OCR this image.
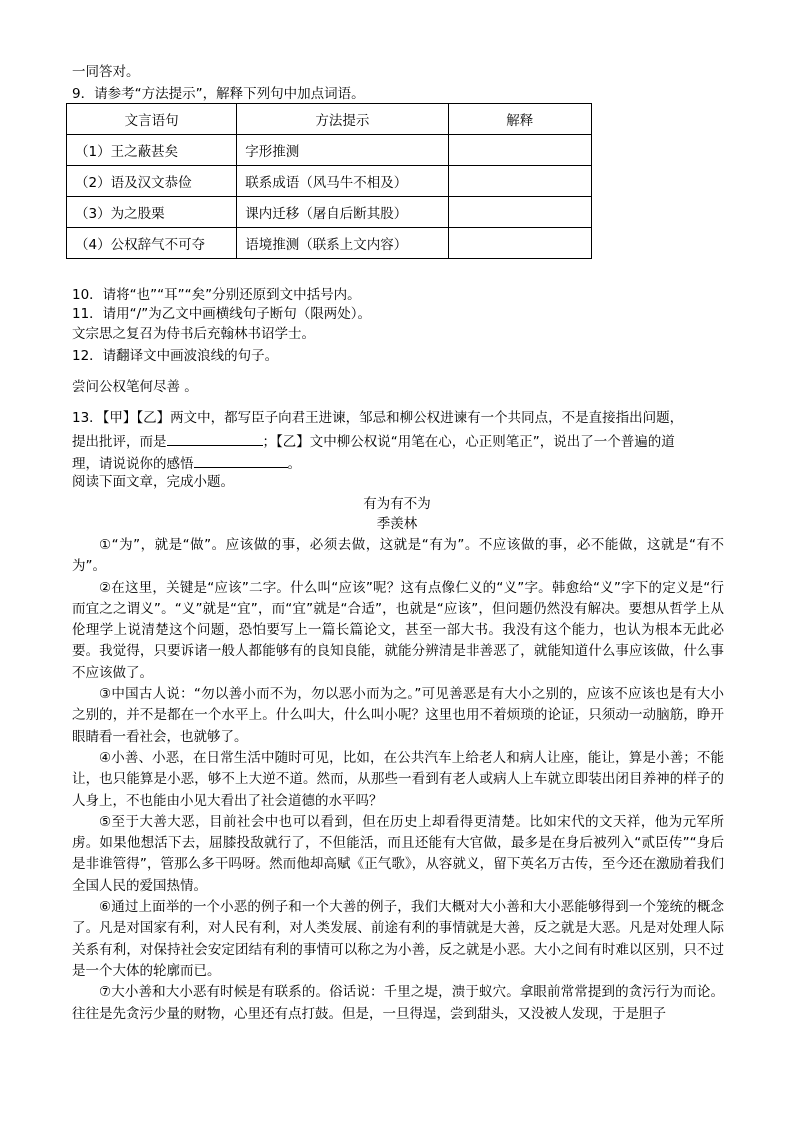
一同答对。
9．请参考“方法提示”，解释下列句中加点词语。
文言语句	方法提示	解释
（1）王之蔽甚矣	字形推测	
（2）语及汉文恭俭	联系成语（风马牛不相及）	
（3）为之股栗	课内迁移（屠自后断其股）	
（4）公权辞气不可夺	语境推测（联系上文内容）	
10．请将“也”“耳”“矣”分别还原到文中括号内。
11．请用“/”为乙文中画横线句子断句（限两处）。
文宗思之复召为侍书后充翰林书诏学士。
12．请翻译文中画波浪线的句子。
尝问公权笔何尽善 。
13．【甲】【乙】两文中，都写臣子向君王进谏，邹忌和柳公权进谏有一个共同点，不是直接指出问题，
提出批评，而是	；【乙】文中柳公权说“用笔在心，心正则笔正”，说出了一个普遍的道
理，请说说你的感悟	。
阅读下面文章，完成小题。
有为有不为
季羡林

①“为”，就是“做”。应该做的事，必须去做，这就是“有为”。不应该做的事，必不能做，这就是“有不为”。

②在这里，关键是“应该”二字。什么叫“应该”呢？这有点像仁义的“义”字。韩愈给“义”字下的定义是“行而宜之之谓义”。“义”就是“宜”，而“宜”就是“合适”，也就是“应该”，但问题仍然没有解决。要想从哲学上从伦理学上说清楚这个问题，恐怕要写上一篇长篇论文，甚至一部大书。我没有这个能力，也认为根本无此必要。我觉得，只要诉诸一般人都能够有的良知良能，就能分辨清是非善恶了，就能知道什么事应该做，什么事不应该做了。

③中国古人说：“勿以善小而不为，勿以恶小而为之。”可见善恶是有大小之别的，应该不应该也是有大小之别的，并不是都在一个水平上。什么叫大，什么叫小呢？这里也用不着烦琐的论证，只须动一动脑筋，睁开眼睛看一看社会，也就够了。

④小善、小恶，在日常生活中随时可见，比如，在公共汽车上给老人和病人让座，能让，算是小善；不能让，也只能算是小恶，够不上大逆不道。然而，从那些一看到有老人或病人上车就立即装出闭目养神的样子的人身上，不也能由小见大看出了社会道德的水平吗？

⑤至于大善大恶，目前社会中也可以看到，但在历史上却看得更清楚。比如宋代的文天祥，他为元军所虏。如果他想活下去，屈膝投敌就行了，不但能活，而且还能有大官做，最多是在身后被列入“贰臣传”“身后是非谁管得”，管那么多干吗呀。然而他却高赋《正气歌》，从容就义，留下英名万古传，至今还在激励着我们全国人民的爱国热情。

⑥通过上面举的一个小恶的例子和一个大善的例子，我们大概对大小善和大小恶能够得到一个笼统的概念了。凡是对国家有利，对人民有利，对人类发展、前途有利的事情就是大善，反之就是大恶。凡是对处理人际关系有利，对保持社会安定团结有利的事情可以称之为小善，反之就是小恶。大小之间有时难以区别，只不过是一个大体的轮廓而已。

⑦大小善和大小恶有时候是有联系的。俗话说：千里之堤，溃于蚁穴。拿眼前常常提到的贪污行为而论。往往是先贪污少量的财物，心里还有点打鼓。但是，一旦得逞，尝到甜头，又没被人发现，于是胆子
